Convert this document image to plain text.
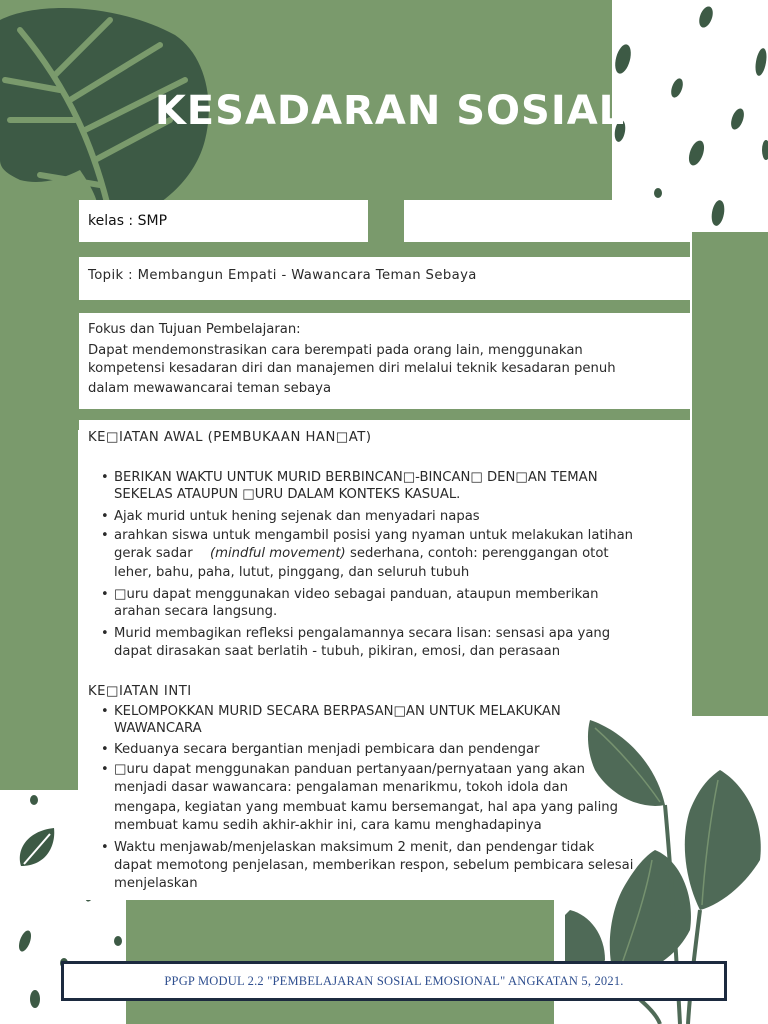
KESADARAN SOSIAL
kelas : SMP
Topik : Membangun Empati - Wawancara Teman Sebaya
Fokus dan Tujuan Pembelajaran:
Dapat mendemonstrasikan cara berempati pada orang lain, menggunakan
kompetensi kesadaran diri dan manajemen diri melalui teknik kesadaran penuh
dalam mewawancarai teman sebaya
KE□IATAN AWAL (PEMBUKAAN HAN□AT)
• BERIKAN WAKTU UNTUK MURID BERBINCAN□-BINCAN□ DEN□AN TEMAN
SEKELAS ATAUPUN □URU DALAM KONTEKS KASUAL.
• Ajak murid untuk hening sejenak dan menyadari napas
• arahkan siswa untuk mengambil posisi yang nyaman untuk melakukan latihan
gerak sadar (mindful movement) sederhana, contoh: perenggangan otot
leher, bahu, paha, lutut, pinggang, dan seluruh tubuh
• □uru dapat menggunakan video sebagai panduan, ataupun memberikan
arahan secara langsung.
• Murid membagikan refleksi pengalamannya secara lisan: sensasi apa yang
dapat dirasakan saat berlatih - tubuh, pikiran, emosi, dan perasaan
KE□IATAN INTI
• KELOMPOKKAN MURID SECARA BERPASAN□AN UNTUK MELAKUKAN
WAWANCARA
• Keduanya secara bergantian menjadi pembicara dan pendengar
• □uru dapat menggunakan panduan pertanyaan/pernyataan yang akan
menjadi dasar wawancara: pengalaman menarikmu, tokoh idola dan
mengapa, kegiatan yang membuat kamu bersemangat, hal apa yang paling
membuat kamu sedih akhir-akhir ini, cara kamu menghadapinya
• Waktu menjawab/menjelaskan maksimum 2 menit, dan pendengar tidak
dapat memotong penjelasan, memberikan respon, sebelum pembicara selesai
menjelaskan
PPGP MODUL 2.2 "PEMBELAJARAN SOSIAL EMOSIONAL" ANGKATAN 5, 2021.
